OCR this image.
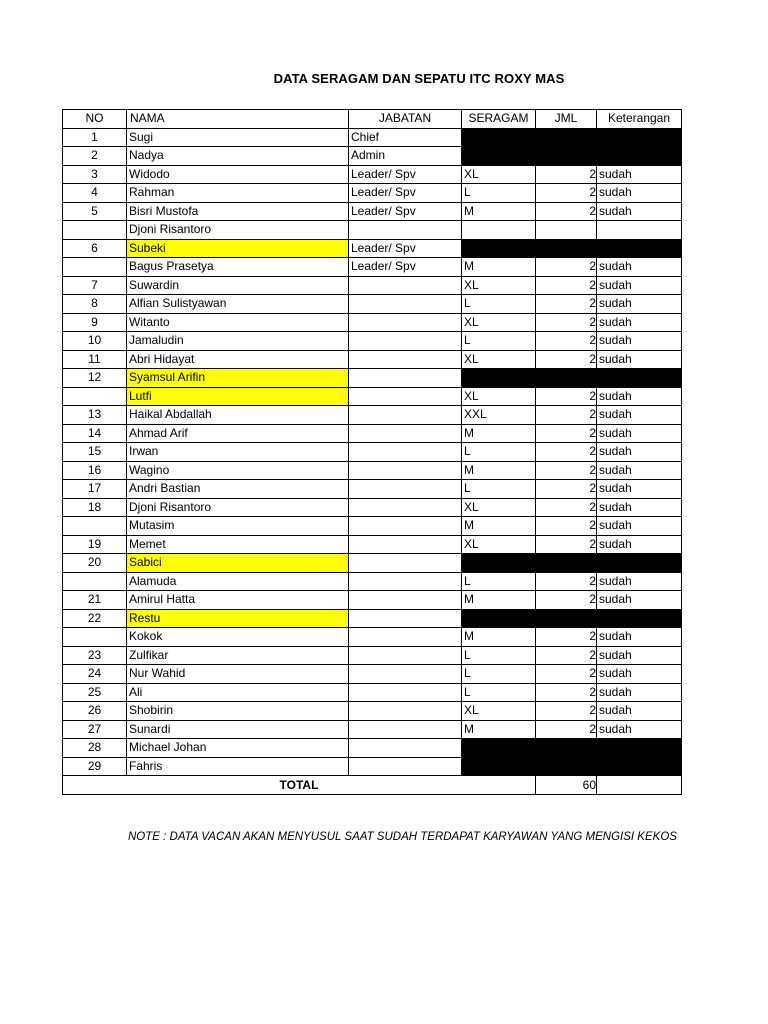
DATA SERAGAM DAN SEPATU ITC ROXY MAS
NO	NAMA	JABATAN	SERAGAM	JML	Keterangan
1	Sugi	Chief			
2	Nadya	Admin			
3	Widodo	Leader/ Spv	XL	2	sudah
4	Rahman	Leader/ Spv	L	2	sudah
5	Bisri Mustofa	Leader/ Spv	M	2	sudah
	Djoni Risantoro				
6	Subeki	Leader/ Spv			
	Bagus Prasetya	Leader/ Spv	M	2	sudah
7	Suwardin		XL	2	sudah
8	Alfian Sulistyawan		L	2	sudah
9	Witanto		XL	2	sudah
10	Jamaludin		L	2	sudah
11	Abri Hidayat		XL	2	sudah
12	Syamsul Arifin				
	Lutfi		XL	2	sudah
13	Haikal Abdallah		XXL	2	sudah
14	Ahmad Arif		M	2	sudah
15	Irwan		L	2	sudah
16	Wagino		M	2	sudah
17	Andri Bastian		L	2	sudah
18	Djoni Risantoro		XL	2	sudah
	Mutasim		M	2	sudah
19	Memet		XL	2	sudah
20	Sabici				
	Alamuda		L	2	sudah
21	Amirul Hatta		M	2	sudah
22	Restu				
	Kokok		M	2	sudah
23	Zulfikar		L	2	sudah
24	Nur Wahid		L	2	sudah
25	Ali		L	2	sudah
26	Shobirin		XL	2	sudah
27	Sunardi		M	2	sudah
28	Michael Johan				
29	Fahris				
TOTAL				60	
NOTE : DATA VACAN AKAN MENYUSUL SAAT SUDAH TERDAPAT KARYAWAN YANG MENGISI KEKOS
